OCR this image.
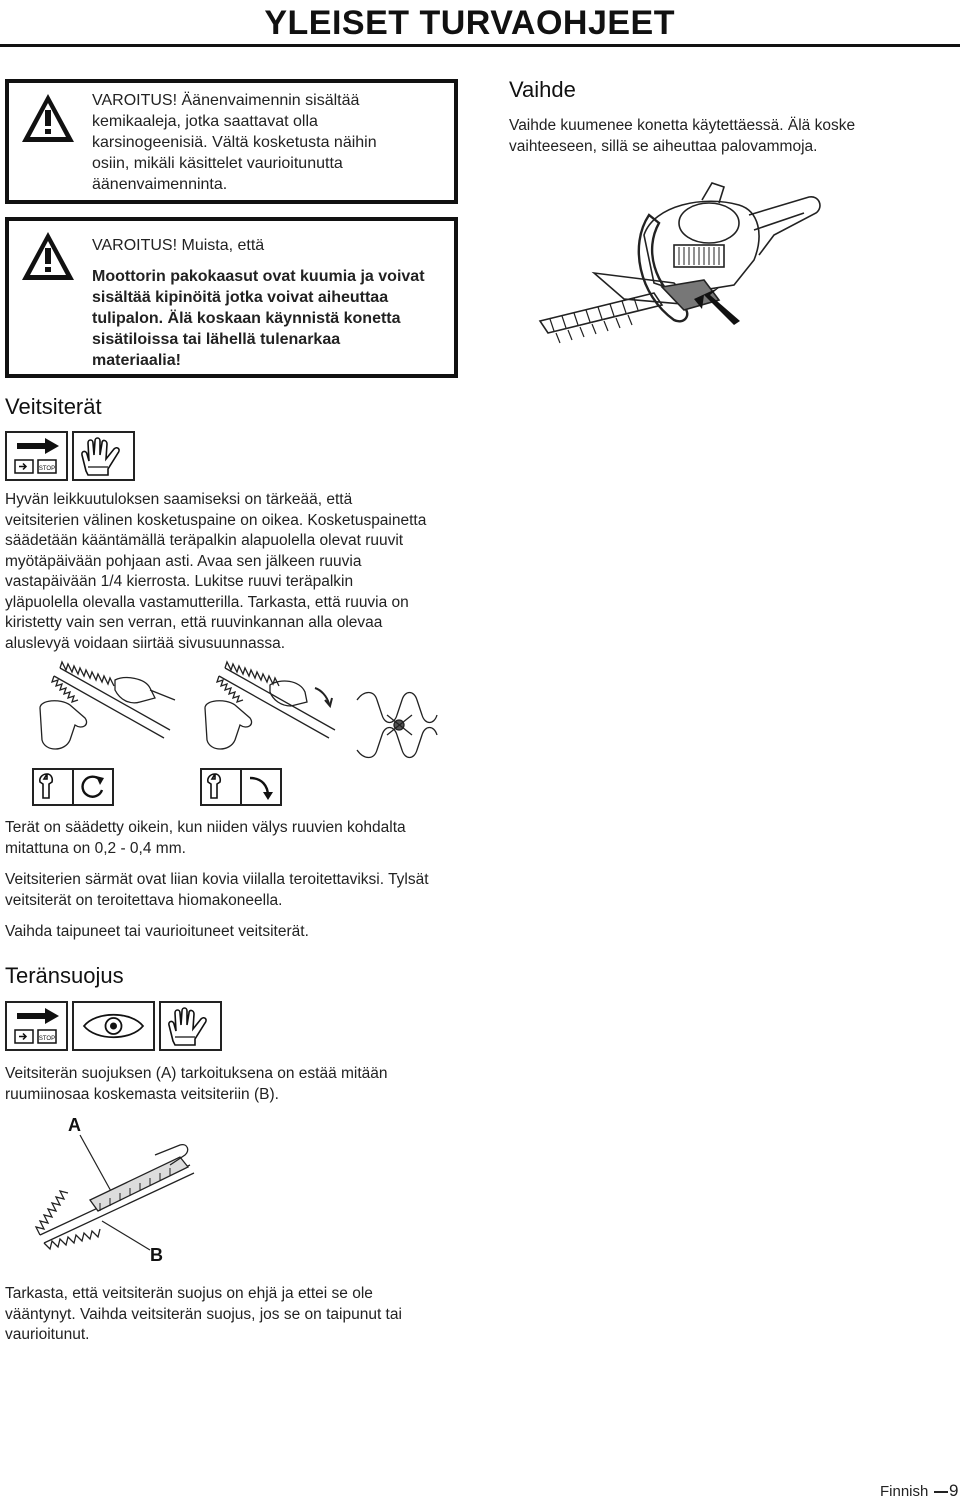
YLEISET TURVAOHJEET
VAROITUS! Äänenvaimennin sisältää
kemikaaleja, jotka saattavat olla
karsinogeenisiä. Vältä kosketusta näihin
osiin, mikäli käsittelet vaurioitunutta
äänenvaimenninta.
VAROITUS! Muista, että
Moottorin pakokaasut ovat kuumia ja voivat
sisältää kipinöitä jotka voivat aiheuttaa
tulipalon. Älä koskaan käynnistä konetta
sisätiloissa tai lähellä tulenarkaa
materiaalia!
Vaihde
Vaihde kuumenee konetta käytettäessä. Älä koske
vaihteeseen, sillä se aiheuttaa palovammoja.
Veitsiterät
STOP
Hyvän leikkuutuloksen saamiseksi on tärkeää, että
veitsiterien välinen kosketuspaine on oikea. Kosketuspainetta
säädetään kääntämällä teräpalkin alapuolella olevat ruuvit
myötäpäivään pohjaan asti. Avaa sen jälkeen ruuvia
vastapäivään 1/4 kierrosta. Lukitse ruuvi teräpalkin
yläpuolella olevalla vastamutterilla. Tarkasta, että ruuvia on
kiristetty vain sen verran, että ruuvinkannan alla olevaa
aluslevyä voidaan siirtää sivusuunnassa.
Terät on säädetty oikein, kun niiden välys ruuvien kohdalta
mitattuna on 0,2 - 0,4 mm.
Veitsiterien särmät ovat liian kovia viilalla teroitettaviksi. Tylsät
veitsiterät on teroitettava hiomakoneella.
Vaihda taipuneet tai vaurioituneet veitsiterät.
Teränsuojus
STOP
Veitsiterän suojuksen (A) tarkoituksena on estää mitään
ruumiinosaa koskemasta veitsiteriin (B).
A
B
Tarkasta, että veitsiterän suojus on ehjä ja ettei se ole
vääntynyt. Vaihda veitsiterän suojus, jos se on taipunut tai
vaurioitunut.
Finnish 9
